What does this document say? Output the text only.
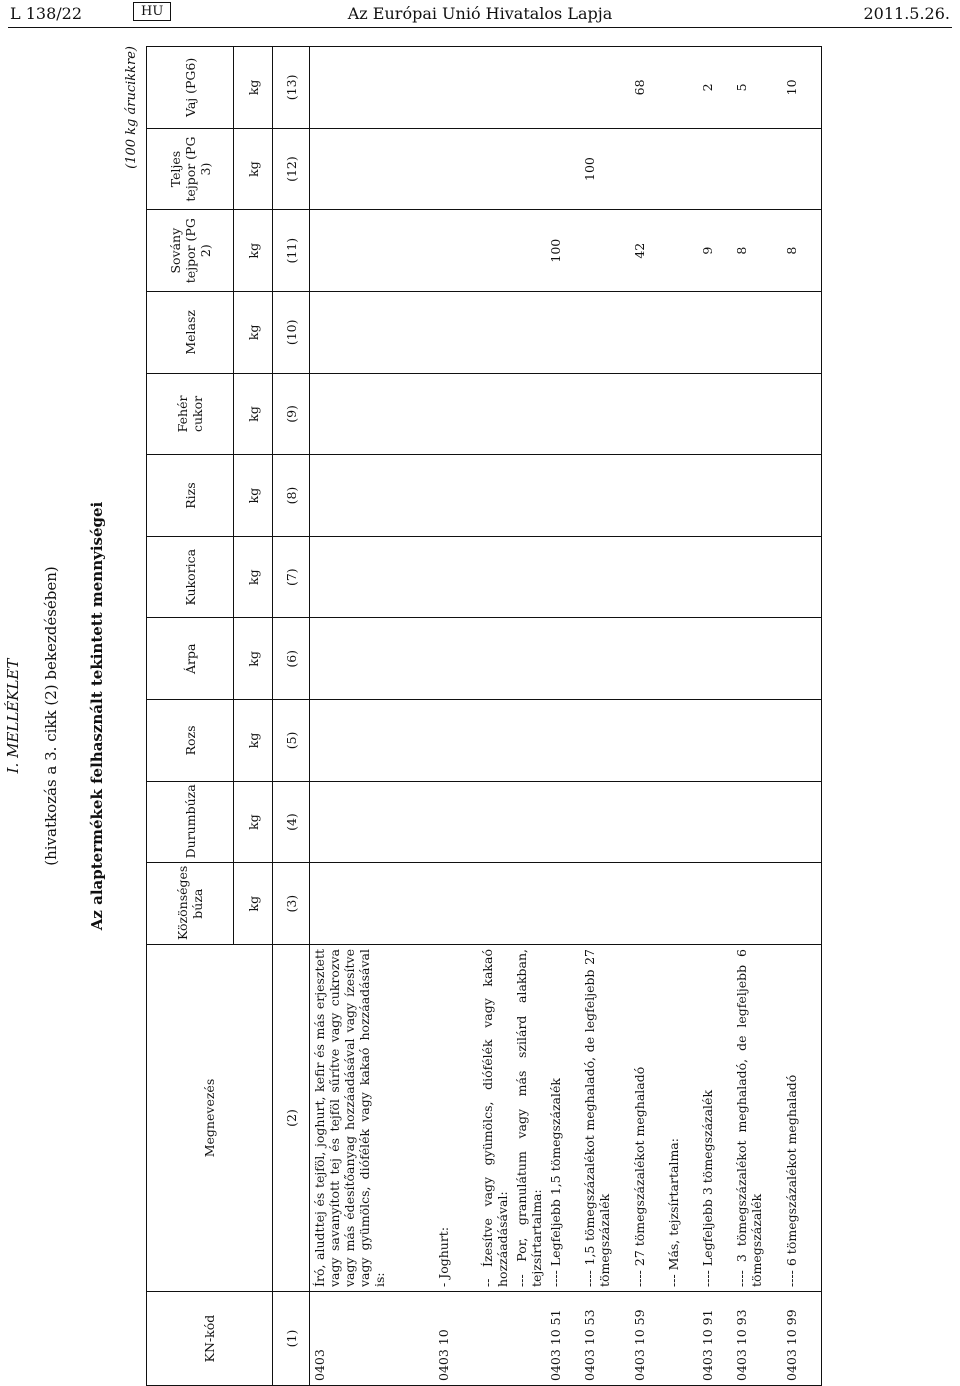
L 138/22	HU	Az Európai Unió Hivatalos Lapja	2011.5.26.
I. MELLÉKLET (hivatkozás a 3. cikk (2) bekezdésében) Az alaptermékek felhasznált tekintett mennyiségei
(100 kg árucikkre)
KN-kód	Megnevezés	Közönséges búza	Durumbúza	Rozs	Árpa	Kukorica	Rizs	Fehér cukor	Melasz	Sovány tejpor (PG 2)	Teljes tejpor (PG 3)	Vaj (PG6)
		kg	kg	kg	kg	kg	kg	kg	kg	kg	kg	kg
(1)	(2)	(3)	(4)	(5)	(6)	(7)	(8)	(9)	(10)	(11)	(12)	(13)
0403	Író, aludttej és tejföl, joghurt, kefir és más erjesztett vagy savanyított tej és tejföl sűrítve vagy cukrozva vagy más édesítőanyag hozzáadásával vagy ízesítve vagy gyümölcs, diófélék vagy kakaó hozzáadásával is:											
0403 10	- Joghurt:											
	-- Ízesítve vagy gyümölcs, diófélék vagy kakaó hozzáadásával:											
	--- Por, granulátum vagy más szilárd alakban, tejzsírtartalma:											
0403 10 51	---- Legfeljebb 1,5 tömegszázalék									100		
0403 10 53	---- 1,5 tömegszázalékot meghaladó, de legfeljebb 27 tömegszázalék										100	
0403 10 59	---- 27 tömegszázalékot meghaladó									42		68
	--- Más, tejzsírtartalma:											
0403 10 91	---- Legfeljebb 3 tömegszázalék									9		2
0403 10 93	---- 3 tömegszázalékot meghaladó, de legfeljebb 6 tömegszázalék									8		5
0403 10 99	---- 6 tömegszázalékot meghaladó									8		10
